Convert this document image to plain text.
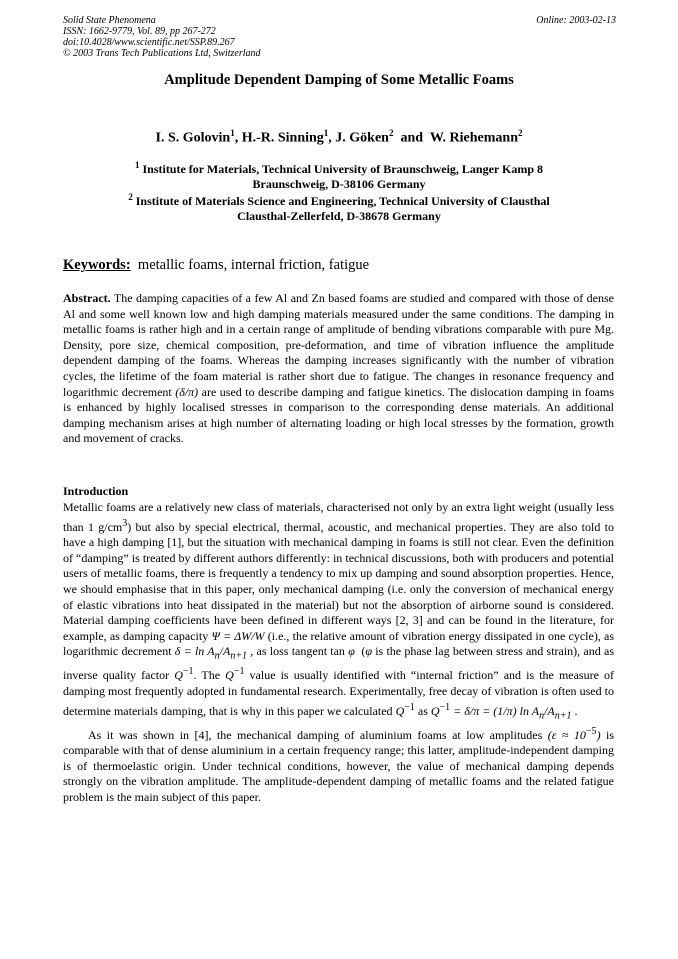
Solid State Phenomena
ISSN: 1662-9779, Vol. 89, pp 267-272
doi:10.4028/www.scientific.net/SSP.89.267
© 2003 Trans Tech Publications Ltd, Switzerland
Online: 2003-02-13
Amplitude Dependent Damping of Some Metallic Foams
I. S. Golovin$^1$, H.-R. Sinning$^1$, J. Göken$^2$  and  W. Riehemann$^2$
$^1$ Institute for Materials, Technical University of Braunschweig, Langer Kamp 8
Braunschweig, D-38106 Germany
$^2$ Institute of Materials Science and Engineering, Technical University of Clausthal
Clausthal-Zellerfeld, D-38678 Germany
Keywords:  metallic foams, internal friction, fatigue
Abstract. The damping capacities of a few Al and Zn based foams are studied and compared with those of dense Al and some well known low and high damping materials measured under the same conditions. The damping in metallic foams is rather high and in a certain range of amplitude of bending vibrations comparable with pure Mg. Density, pore size, chemical composition, pre-deformation, and time of vibration influence the amplitude dependent damping of the foams. Whereas the damping increases significantly with the number of vibration cycles, the lifetime of the foam material is rather short due to fatigue. The changes in resonance frequency and logarithmic decrement (δ/π) are used to describe damping and fatigue kinetics. The dislocation damping in foams is enhanced by highly localised stresses in comparison to the corresponding dense materials. An additional damping mechanism arises at high number of alternating loading or high local stresses by the formation, growth and movement of cracks.
Introduction
Metallic foams are a relatively new class of materials, characterised not only by an extra light weight (usually less than 1 $g/cm^3$) but also by special electrical, thermal, acoustic, and mechanical properties. They are also told to have a high damping [1], but the situation with mechanical damping in foams is still not clear. Even the definition of “damping” is treated by different authors differently: in technical discussions, both with producers and potential users of metallic foams, there is frequently a tendency to mix up damping and sound absorption properties. Hence, we should emphasise that in this paper, only mechanical damping (i.e. only the conversion of mechanical energy of elastic vibrations into heat dissipated in the material) but not the absorption of airborne sound is considered. Material damping coefficients have been defined in different ways [2, 3] and can be found in the literature, for example, as damping capacity Ψ = ΔW/W (i.e., the relative amount of vibration energy dissipated in one cycle), as logarithmic decrement $\delta = \ln A_n/A_{n+1}$ , as loss tangent tan φ  (φ is the phase lag between stress and strain), and as inverse quality factor $Q^{-1}$. The $Q^{-1}$ value is usually identified with “internal friction” and is the measure of damping most frequently adopted in fundamental research. Experimentally, free decay of vibration is often used to determine materials damping, that is why in this paper we calculated $Q^{-1}$ as $Q^{-1} = \delta/\pi = (1/\pi)$ $\ln A_n/A_{n+1}$ .
As it was shown in [4], the mechanical damping of aluminium foams at low amplitudes $(\varepsilon \approx 10^{-5})$ is comparable with that of dense aluminium in a certain frequency range; this latter, amplitude-independent damping is of thermoelastic origin. Under technical conditions, however, the value of mechanical damping depends strongly on the vibration amplitude. The amplitude-dependent damping of metallic foams and the related fatigue problem is the main subject of this paper.
